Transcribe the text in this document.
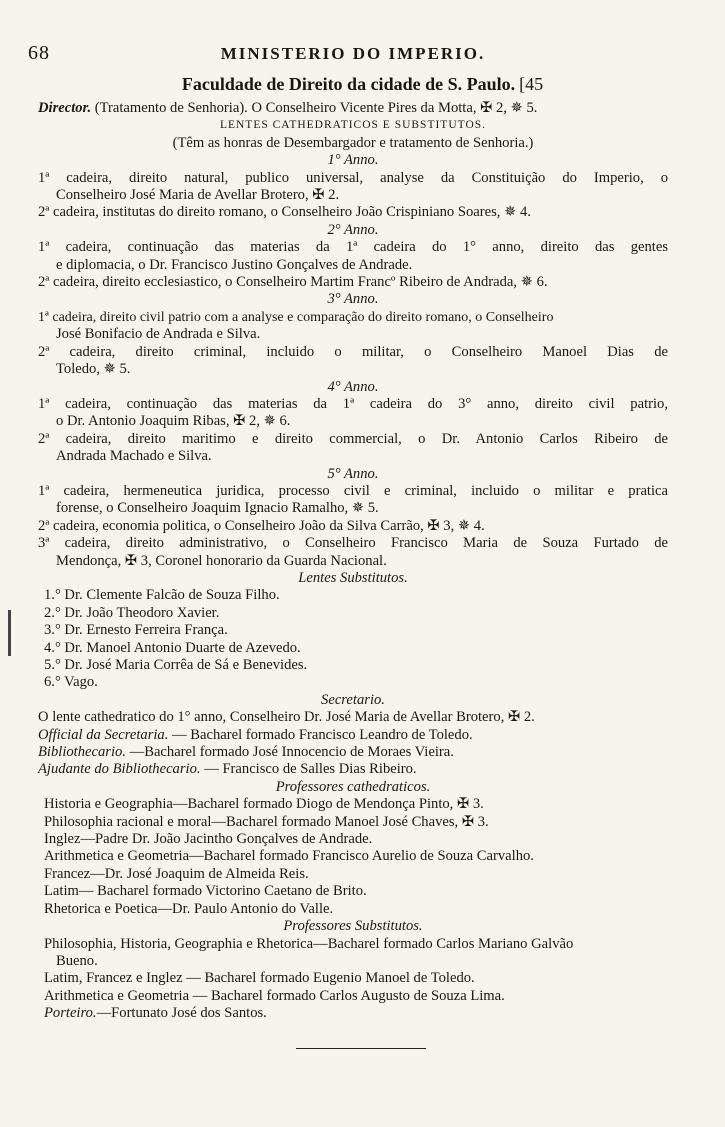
68	MINISTERIO DO IMPERIO.
Faculdade de Direito da cidade de S. Paulo. [45
Director. (Tratamento de Senhoria). O Conselheiro Vicente Pires da Motta, ✠ 2, ✵ 5.
LENTES CATHEDRATICOS E SUBSTITUTOS.
(Têm as honras de Desembargador e tratamento de Senhoria.)
1° Anno.
1ª cadeira, direito natural, publico universal, analyse da Constituição do Imperio, o
Conselheiro José Maria de Avellar Brotero, ✠ 2.
2ª cadeira, institutas do direito romano, o Conselheiro João Crispiniano Soares, ✵ 4.
2° Anno.
1ª cadeira, continuação das materias da 1ª cadeira do 1° anno, direito das gentes
e diplomacia, o Dr. Francisco Justino Gonçalves de Andrade.
2ª cadeira, direito ecclesiastico, o Conselheiro Martim Francº Ribeiro de Andrada, ✵ 6.
3° Anno.
1ª cadeira, direito civil patrio com a analyse e comparação do direito romano, o Conselheiro
José Bonifacio de Andrada e Silva.
2ª cadeira, direito criminal, incluido o militar, o Conselheiro Manoel Dias de
Toledo, ✵ 5.
4° Anno.
1ª cadeira, continuação das materias da 1ª cadeira do 3° anno, direito civil patrio,
o Dr. Antonio Joaquim Ribas, ✠ 2, ✵ 6.
2ª cadeira, direito maritimo e direito commercial, o Dr. Antonio Carlos Ribeiro de
Andrada Machado e Silva.
5° Anno.
1ª cadeira, hermeneutica juridica, processo civil e criminal, incluido o militar e pratica
forense, o Conselheiro Joaquim Ignacio Ramalho, ✵ 5.
2ª cadeira, economia politica, o Conselheiro João da Silva Carrão, ✠ 3, ✵ 4.
3ª cadeira, direito administrativo, o Conselheiro Francisco Maria de Souza Furtado de
Mendonça, ✠ 3, Coronel honorario da Guarda Nacional.
Lentes Substitutos.
1.° Dr. Clemente Falcão de Souza Filho.
2.° Dr. João Theodoro Xavier.
3.° Dr. Ernesto Ferreira França.
4.° Dr. Manoel Antonio Duarte de Azevedo.
5.° Dr. José Maria Corrêa de Sá e Benevides.
6.° Vago.
Secretario.
O lente cathedratico do 1° anno, Conselheiro Dr. José Maria de Avellar Brotero, ✠ 2.
Official da Secretaria. — Bacharel formado Francisco Leandro de Toledo.
Bibliothecario. —Bacharel formado José Innocencio de Moraes Vieira.
Ajudante do Bibliothecario. — Francisco de Salles Dias Ribeiro.
Professores cathedraticos.
Historia e Geographia—Bacharel formado Diogo de Mendonça Pinto, ✠ 3.
Philosophia racional e moral—Bacharel formado Manoel José Chaves, ✠ 3.
Inglez—Padre Dr. João Jacintho Gonçalves de Andrade.
Arithmetica e Geometria—Bacharel formado Francisco Aurelio de Souza Carvalho.
Francez—Dr. José Joaquim de Almeida Reis.
Latim— Bacharel formado Victorino Caetano de Brito.
Rhetorica e Poetica—Dr. Paulo Antonio do Valle.
Professores Substitutos.
Philosophia, Historia, Geographia e Rhetorica—Bacharel formado Carlos Mariano Galvão
Bueno.
Latim, Francez e Inglez — Bacharel formado Eugenio Manoel de Toledo.
Arithmetica e Geometria — Bacharel formado Carlos Augusto de Souza Lima.
Porteiro.—Fortunato José dos Santos.
